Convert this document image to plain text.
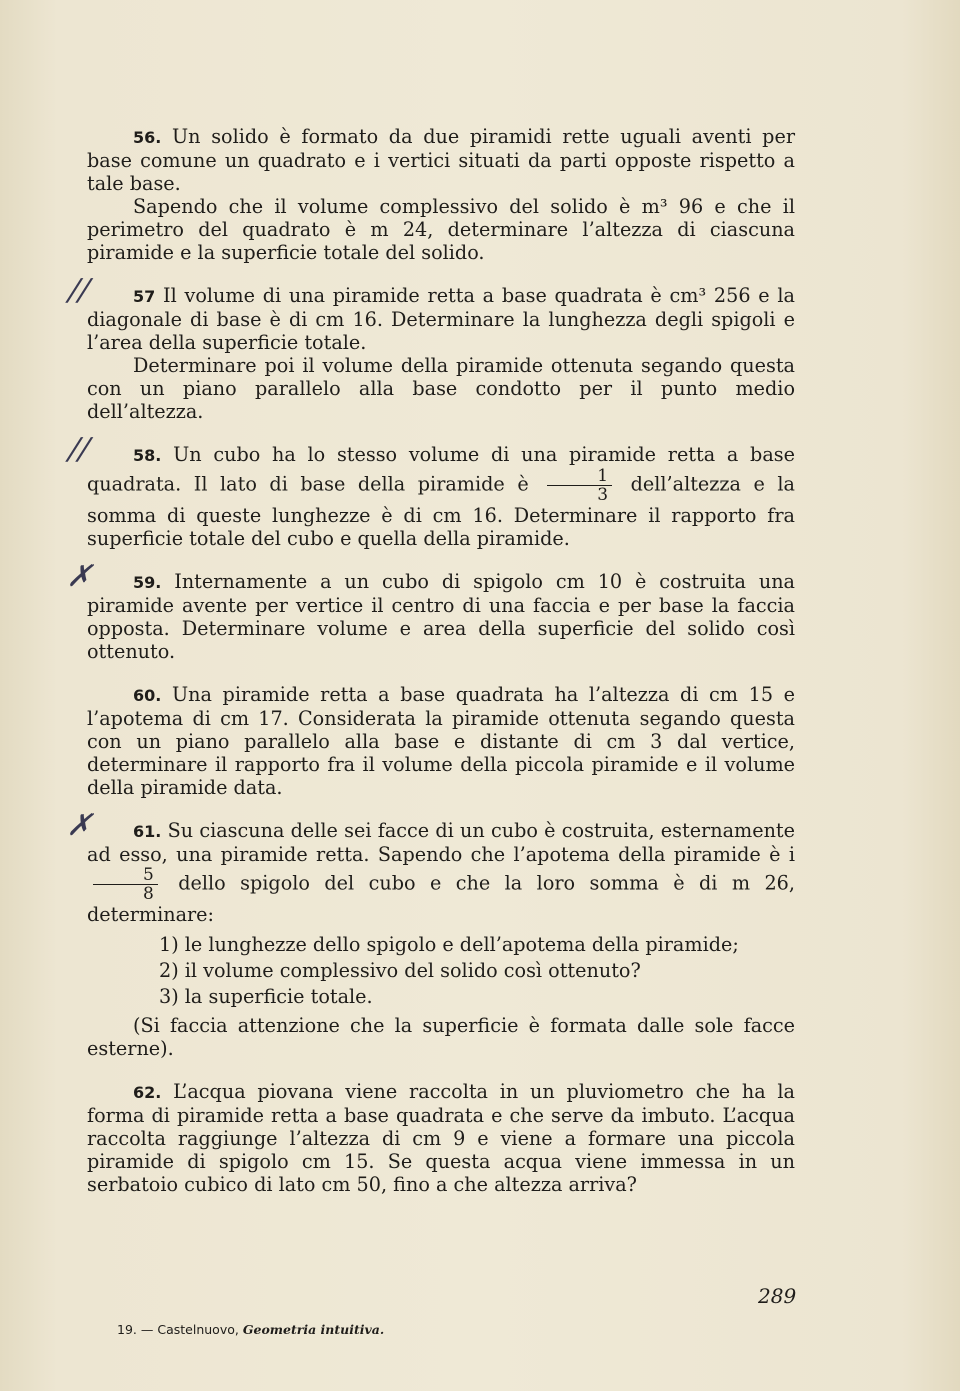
56. Un solido è formato da due piramidi rette uguali aventi per base comune un quadrato e i vertici situati da parti opposte rispetto a tale base.

Sapendo che il volume complessivo del solido è m³ 96 e che il perimetro del quadrato è m 24, determinare l’altezza di ciascuna piramide e la superficie totale del solido.

//	57 Il volume di una piramide retta a base quadrata è cm³ 256 e la diagonale di base è di cm 16. Determinare la lunghezza degli spigoli e l’area della superficie totale.

Determinare poi il volume della piramide ottenuta segando questa con un piano parallelo alla base condotto per il punto medio dell’altezza.

//	58. Un cubo ha lo stesso volume di una piramide retta a base quadrata. Il lato di base della piramide è $\frac{1}{3}$ dell’altezza e la somma di queste lunghezze è di cm 16. Determinare il rapporto fra superficie totale del cubo e quella della piramide.

✗	59. Internamente a un cubo di spigolo cm 10 è costruita una piramide avente per vertice il centro di una faccia e per base la faccia opposta. Determinare volume e area della superficie del solido così ottenuto.

60. Una piramide retta a base quadrata ha l’altezza di cm 15 e l’apotema di cm 17. Considerata la piramide ottenuta segando questa con un piano parallelo alla base e distante di cm 3 dal vertice, determinare il rapporto fra il volume della piccola piramide e il volume della piramide data.

✗	61. Su ciascuna delle sei facce di un cubo è costruita, esternamente ad esso, una piramide retta. Sapendo che l’apotema della piramide è i
$\frac{5}{8}$ dello spigolo del cubo e che la loro somma è di m 26, determinare:

1) le lunghezze dello spigolo e dell’apotema della piramide;
2) il volume complessivo del solido così ottenuto?
3) la superficie totale.

(Si faccia attenzione che la superficie è formata dalle sole facce esterne).

62. L’acqua piovana viene raccolta in un pluviometro che ha la forma di piramide retta a base quadrata e che serve da imbuto. L’acqua raccolta raggiunge l’altezza di cm 9 e viene a formare una piccola piramide di spigolo cm 15. Se questa acqua viene immessa in un serbatoio cubico di lato cm 50, fino a che altezza arriva?

289
19. — Castelnuovo, Geometria intuitiva.
